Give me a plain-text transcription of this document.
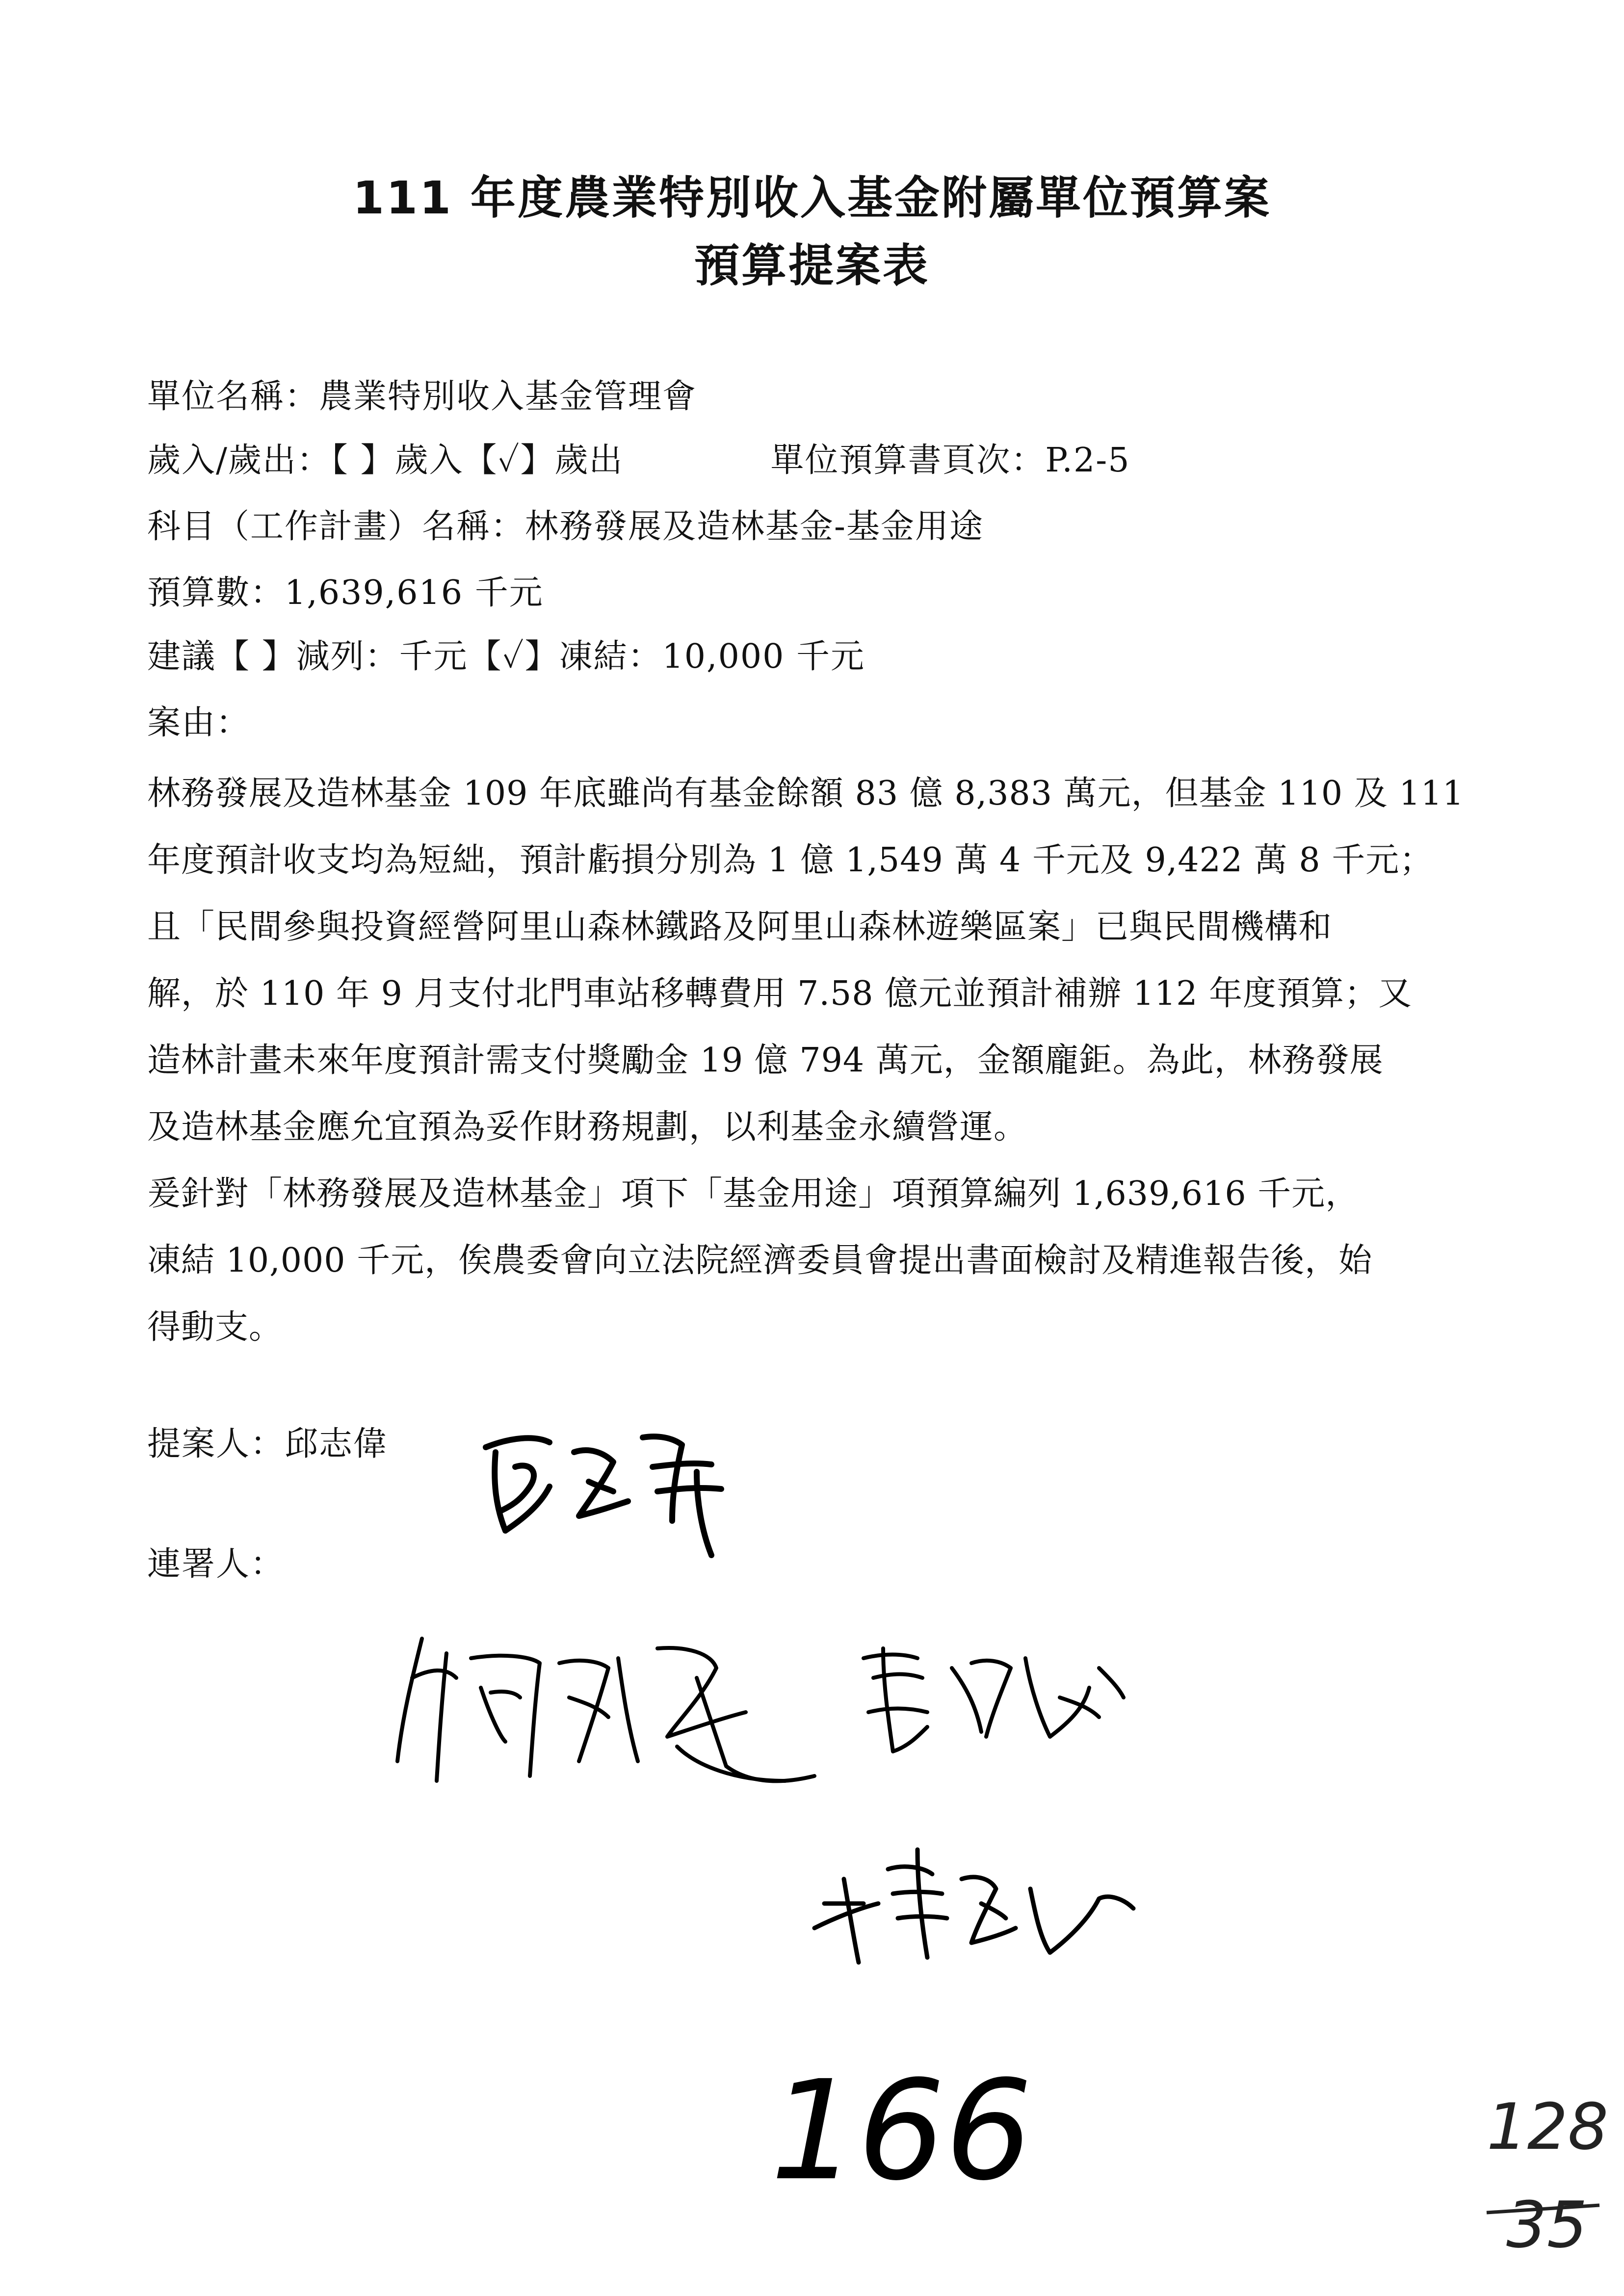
111 年度農業特別收入基金附屬單位預算案
預算提案表
單位名稱：農業特別收入基金管理會
歲入/歲出：【 】歲入【✓】歲出	單位預算書頁次：P.2-5
科目（工作計畫）名稱：林務發展及造林基金-基金用途
預算數：1,639,616 千元
建議【 】減列：千元【✓】凍結：10,000 千元
案由：
林務發展及造林基金 109 年底雖尚有基金餘額 83 億 8,383 萬元，但基金 110 及 111
年度預計收支均為短絀，預計虧損分別為 1 億 1,549 萬 4 千元及 9,422 萬 8 千元；
且「民間參與投資經營阿里山森林鐵路及阿里山森林遊樂區案」已與民間機構和
解，於 110 年 9 月支付北門車站移轉費用 7.58 億元並預計補辦 112 年度預算；又
造林計畫未來年度預計需支付獎勵金 19 億 794 萬元，金額龐鉅。為此，林務發展
及造林基金應允宜預為妥作財務規劃，以利基金永續營運。
爰針對「林務發展及造林基金」項下「基金用途」項預算編列 1,639,616 千元，
凍結 10,000 千元，俟農委會向立法院經濟委員會提出書面檢討及精進報告後，始
得動支。
提案人：邱志偉
連署人：
166	128
35
